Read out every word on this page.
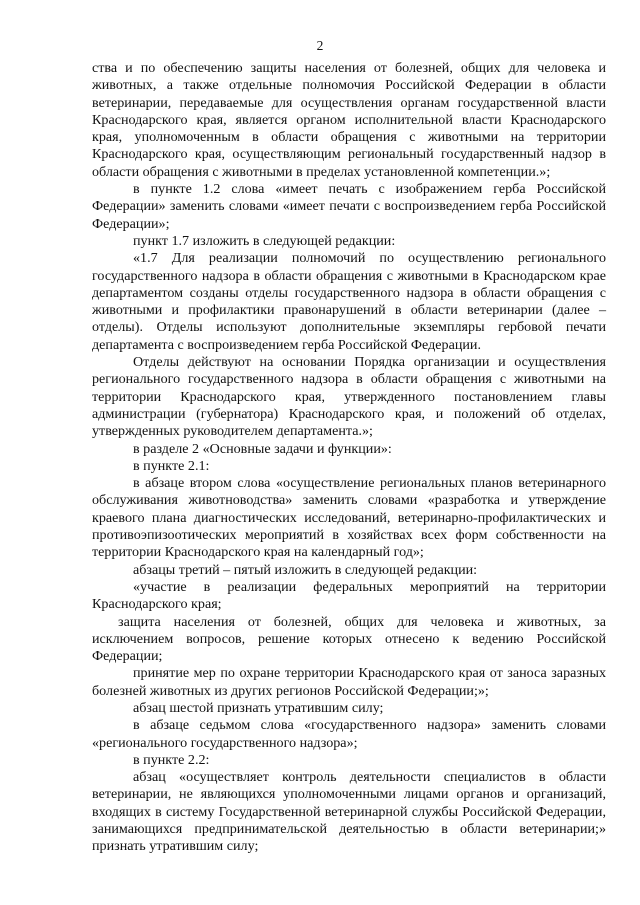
2

ства и по обеспечению защиты населения от болезней, общих для человека и животных, а также отдельные полномочия Российской Федерации в области ветеринарии, передаваемые для осуществления органам государственной власти Краснодарского края, является органом исполнительной власти Краснодарского края, уполномоченным в области обращения с животными на территории Краснодарского края, осуществляющим региональный государственный надзор в области обращения с животными в пределах установленной компетенции.»;

в пункте 1.2 слова «имеет печать с изображением герба Российской Федерации» заменить словами «имеет печати с воспроизведением герба Российской Федерации»;

пункт 1.7 изложить в следующей редакции:

«1.7 Для реализации полномочий по осуществлению регионального государственного надзора в области обращения с животными в Краснодарском крае департаментом созданы отделы государственного надзора в области обращения с животными и профилактики правонарушений в области ветеринарии (далее – отделы). Отделы используют дополнительные экземпляры гербовой печати департамента с воспроизведением герба Российской Федерации.

Отделы действуют на основании Порядка организации и осуществления регионального государственного надзора в области обращения с животными на территории Краснодарского края, утвержденного постановлением главы администрации (губернатора) Краснодарского края, и положений об отделах, утвержденных руководителем департамента.»;

в разделе 2 «Основные задачи и функции»:

в пункте 2.1:

в абзаце втором слова «осуществление региональных планов ветеринарного обслуживания животноводства» заменить словами «разработка и утверждение краевого плана диагностических исследований, ветеринарно-профилактических и противоэпизоотических мероприятий в хозяйствах всех форм собственности на территории Краснодарского края на календарный год»;

абзацы третий – пятый изложить в следующей редакции:

«участие в реализации федеральных мероприятий на территории Краснодарского края;

защита населения от болезней, общих для человека и животных, за исключением вопросов, решение которых отнесено к ведению Российской Федерации;

принятие мер по охране территории Краснодарского края от заноса заразных болезней животных из других регионов Российской Федерации;»;

абзац шестой признать утратившим силу;

в абзаце седьмом слова «государственного надзора» заменить словами «регионального государственного надзора»;

в пункте 2.2:

абзац «осуществляет контроль деятельности специалистов в области ветеринарии, не являющихся уполномоченными лицами органов и организаций, входящих в систему Государственной ветеринарной службы Российской Федерации, занимающихся предпринимательской деятельностью в области ветеринарии;» признать утратившим силу;
